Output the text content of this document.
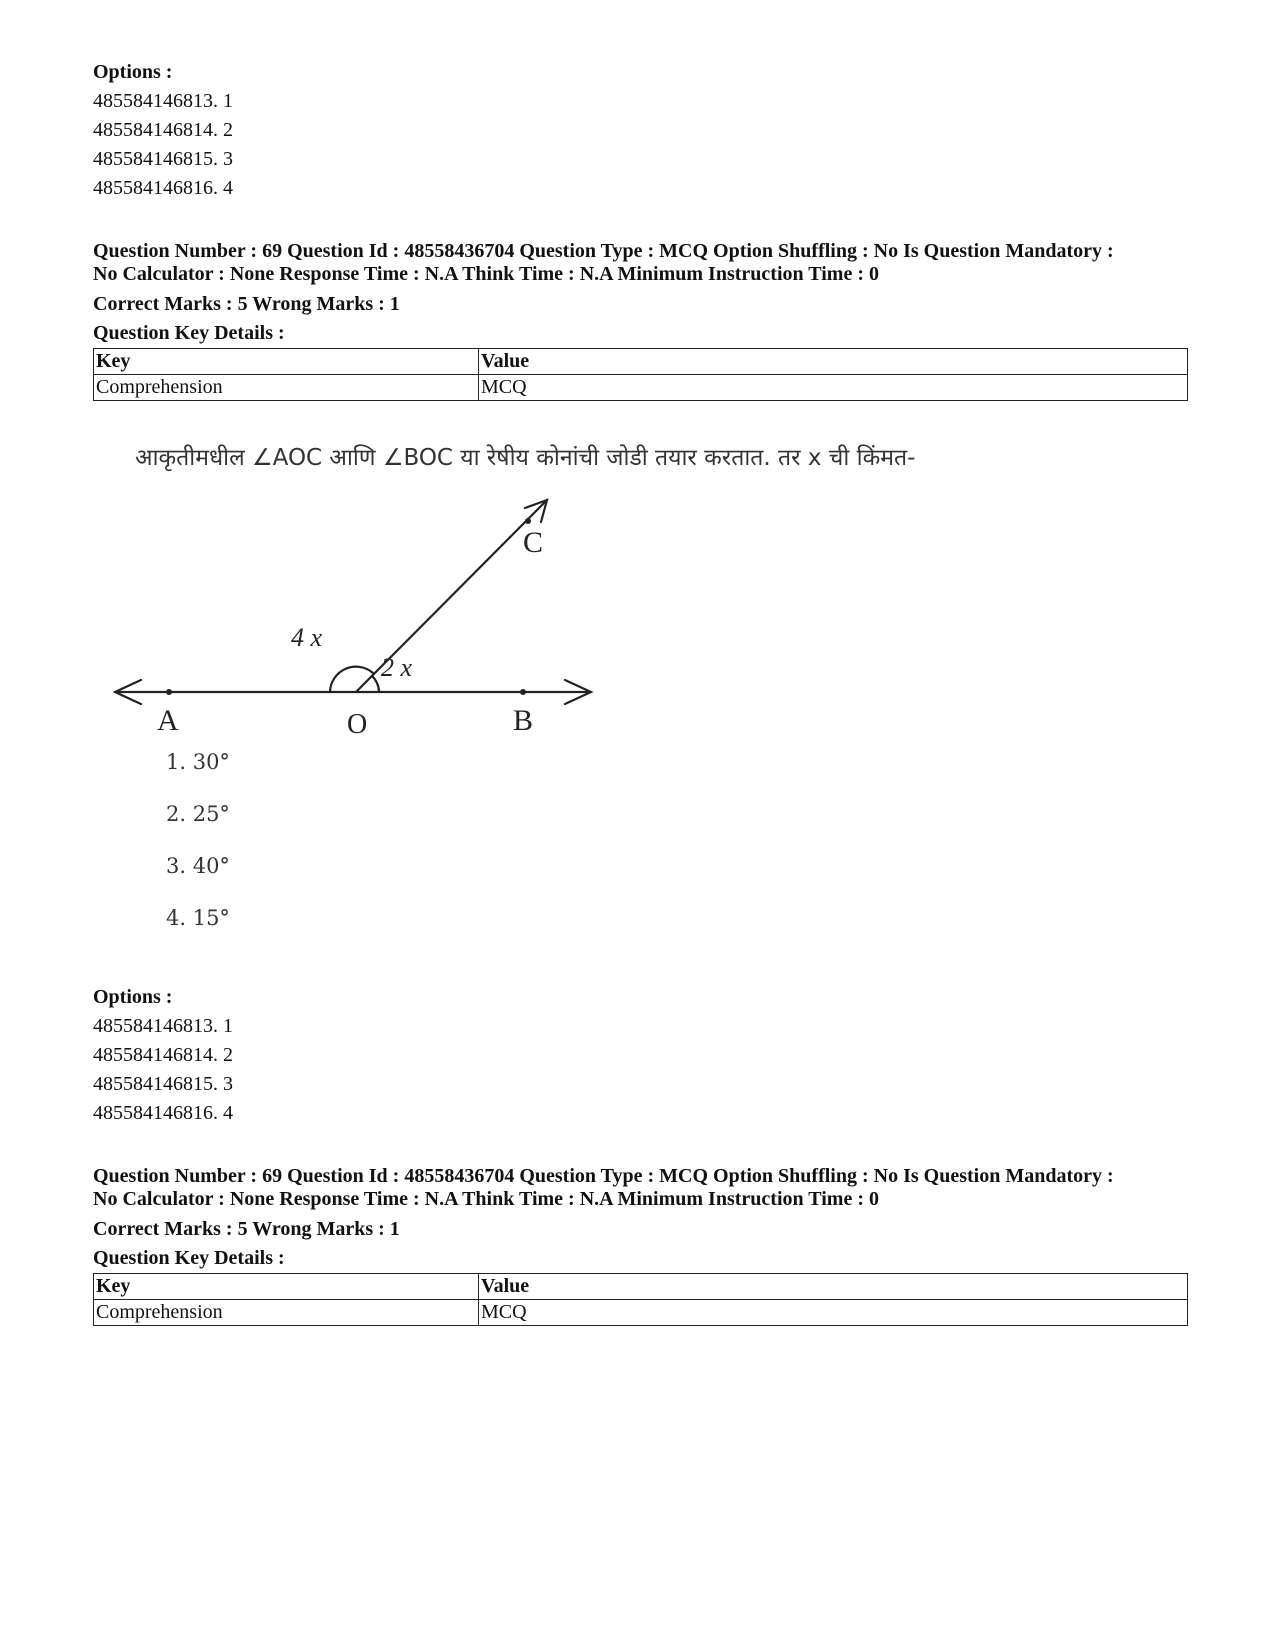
Options :
485584146813. 1
485584146814. 2
485584146815. 3
485584146816. 4
Question Number : 69 Question Id : 48558436704 Question Type : MCQ Option Shuffling : No Is Question Mandatory :
No Calculator : None Response Time : N.A Think Time : N.A Minimum Instruction Time : 0
Correct Marks : 5 Wrong Marks : 1
Question Key Details :
Key	Value
Comprehension	MCQ
आकृतीमधील ∠AOC आणि ∠BOC या रेषीय कोनांची जोडी तयार करतात. तर x ची किंमत-
A	O	B
C
4 x
2 x
1. 30°
2. 25°
3. 40°
4. 15°
Options :
485584146813. 1
485584146814. 2
485584146815. 3
485584146816. 4
Question Number : 69 Question Id : 48558436704 Question Type : MCQ Option Shuffling : No Is Question Mandatory :
No Calculator : None Response Time : N.A Think Time : N.A Minimum Instruction Time : 0
Correct Marks : 5 Wrong Marks : 1
Question Key Details :
Key	Value
Comprehension	MCQ
